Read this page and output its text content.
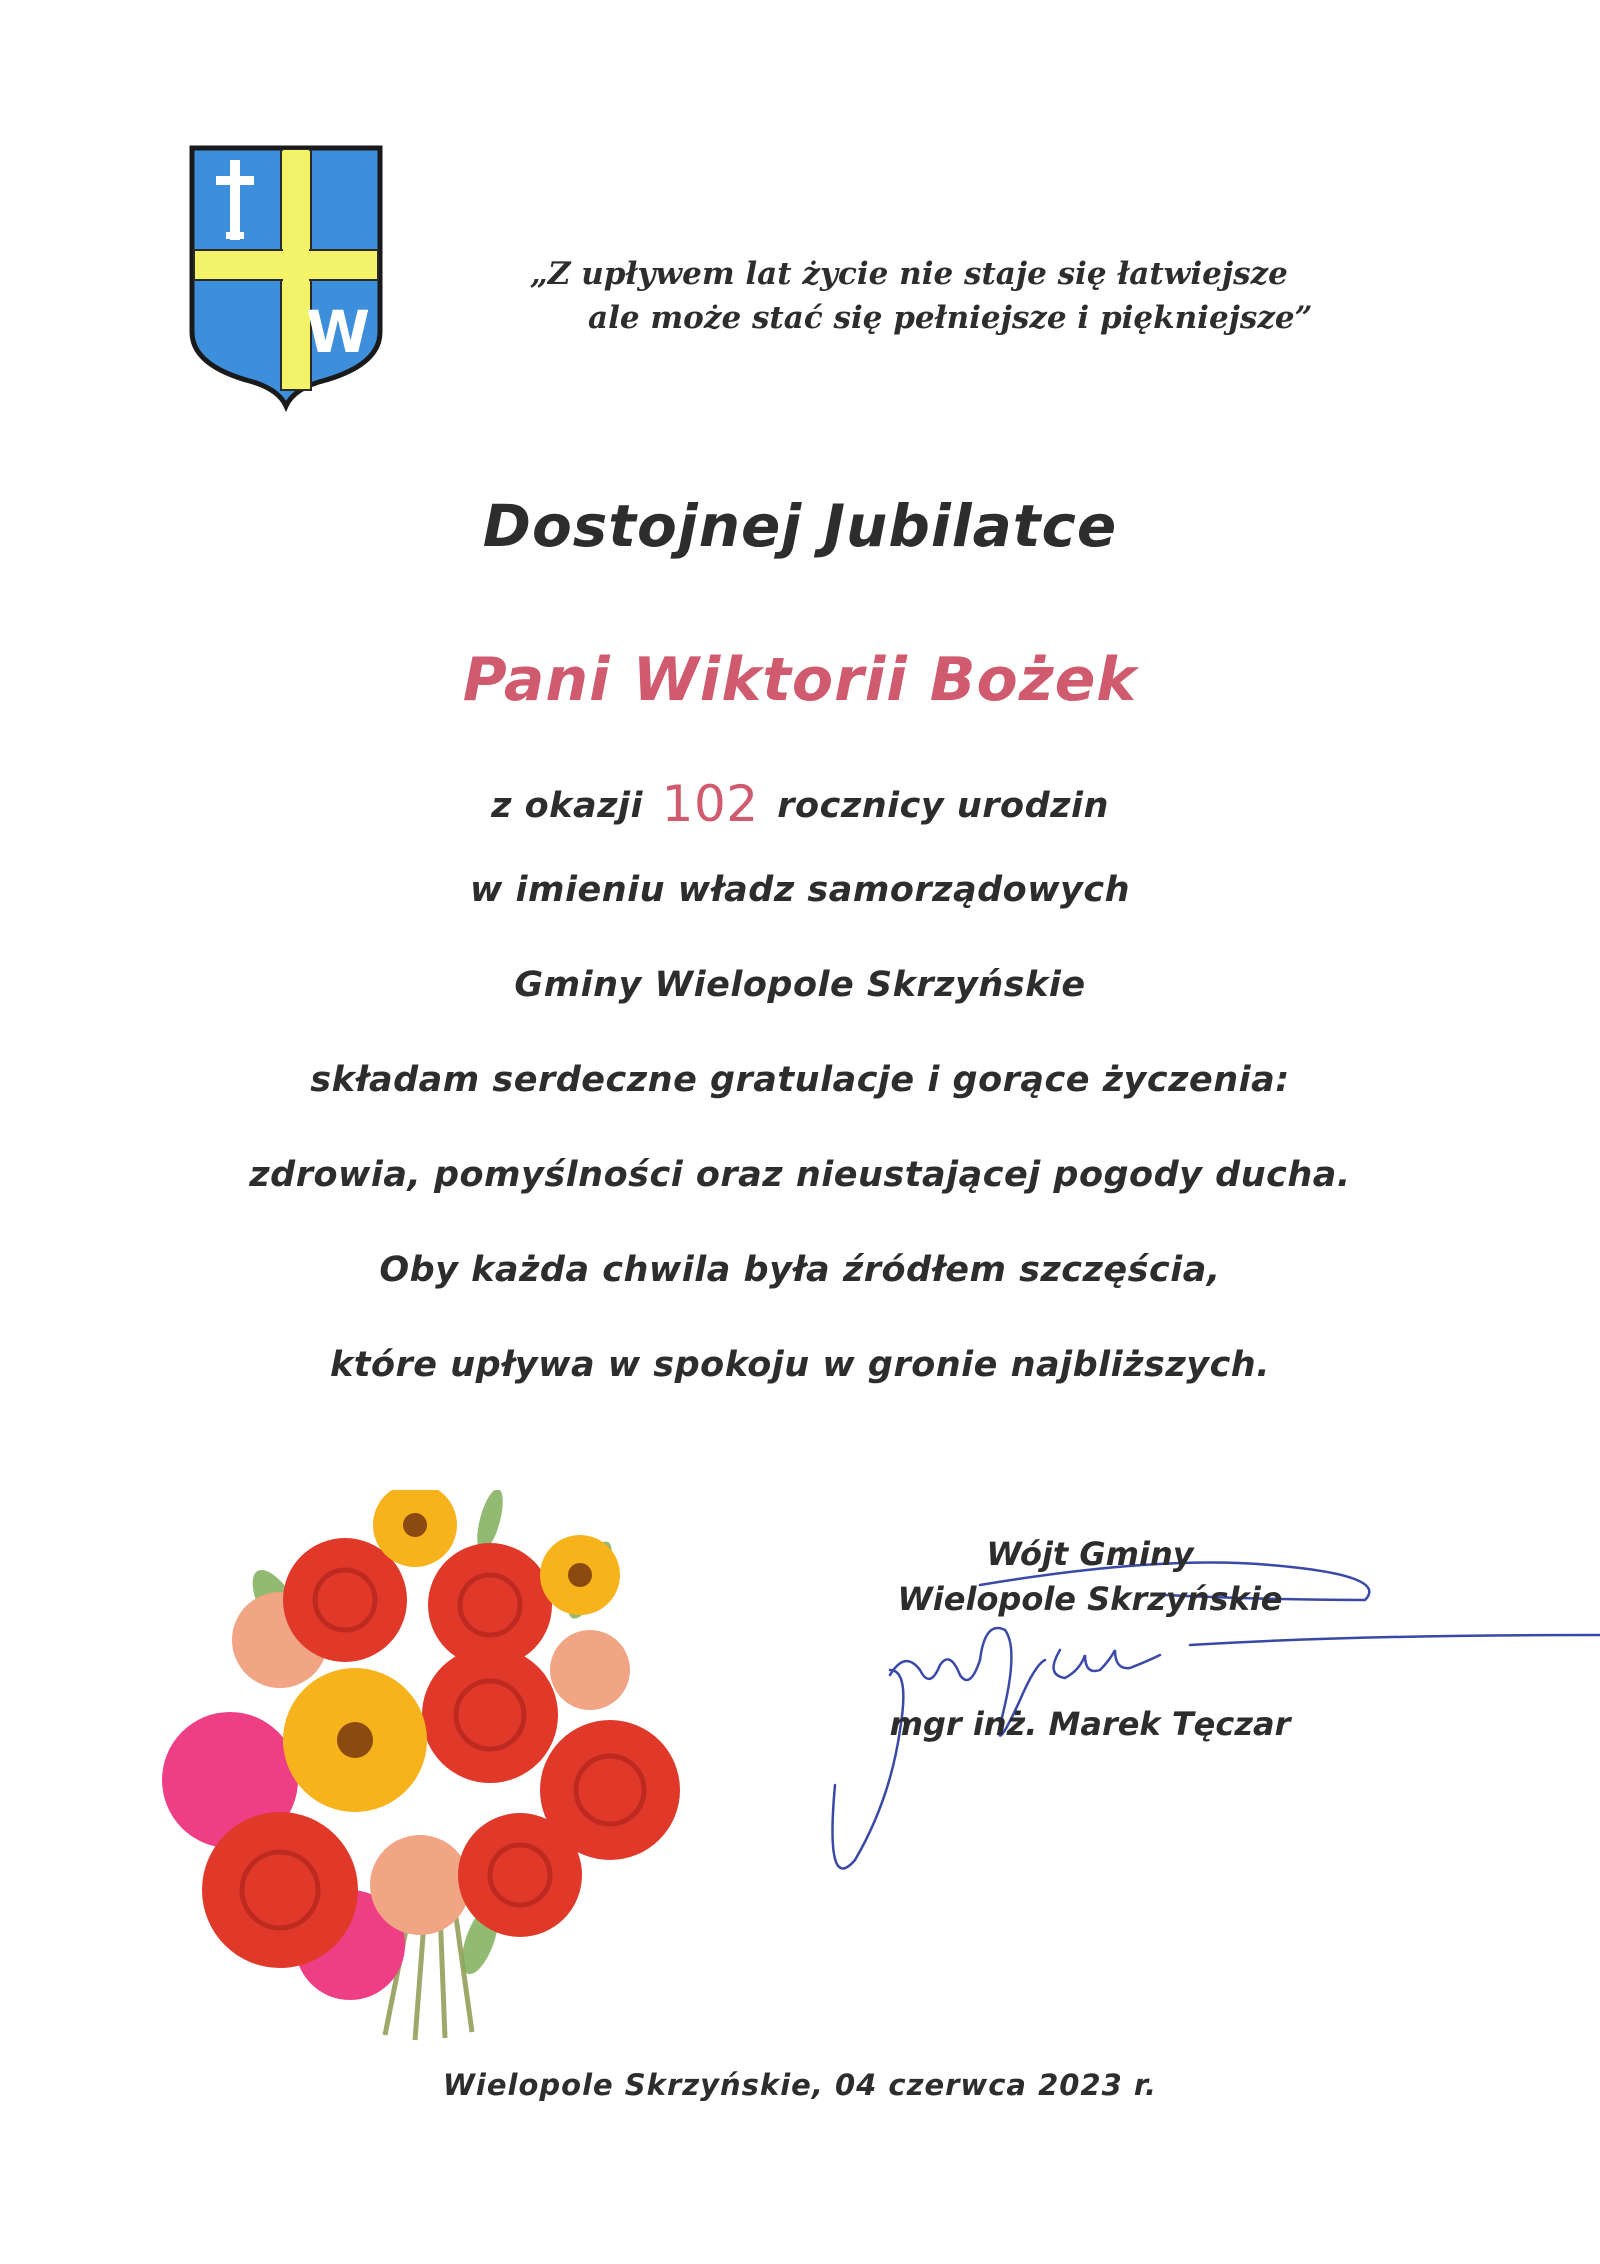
W
„Z upływem lat życie nie staje się łatwiejsze
ale może stać się pełniejsze i piękniejsze”
Dostojnej Jubilatce
Pani Wiktorii Bożek
z okazji 102 rocznicy urodzin
w imieniu władz samorządowych
Gminy Wielopole Skrzyńskie
składam serdeczne gratulacje i gorące życzenia:
zdrowia, pomyślności oraz nieustającej pogody ducha.
Oby każda chwila była źródłem szczęścia,
które upływa w spokoju w gronie najbliższych.
Wójt Gminy
Wielopole Skrzyńskie
mgr inż. Marek Tęczar
Wielopole Skrzyńskie, 04 czerwca 2023 r.
